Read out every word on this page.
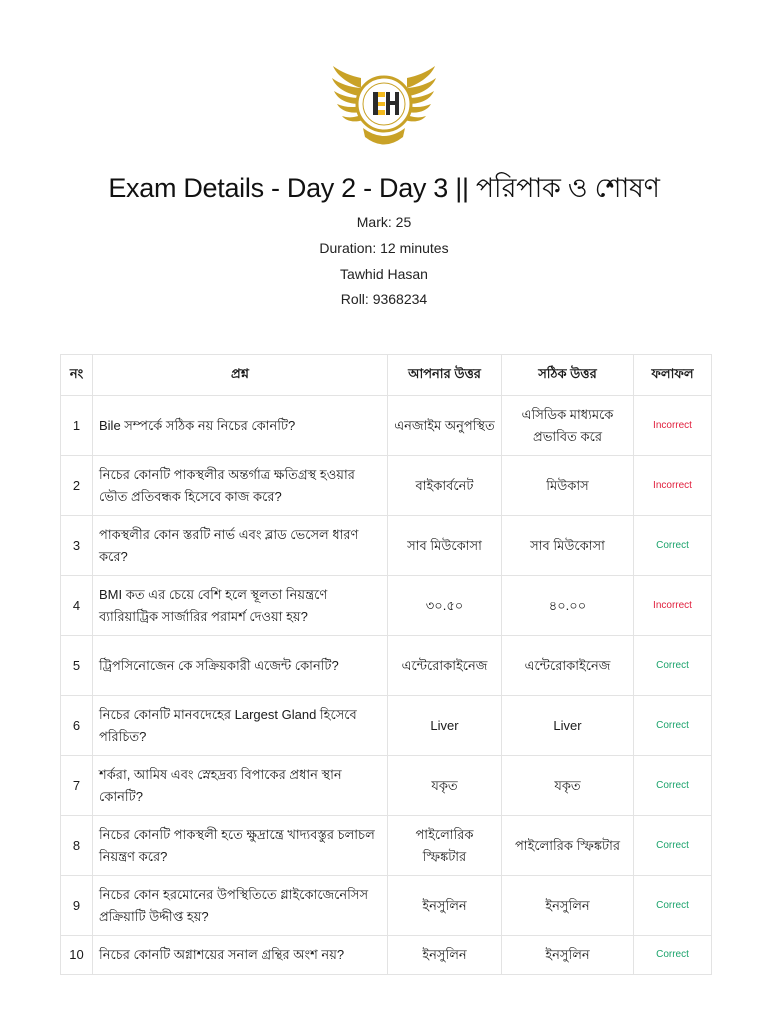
Exam Details - Day 2 - Day 3 || পরিপাক ও শোষণ
Mark: 25
Duration: 12 minutes
Tawhid Hasan
Roll: 9368234
নং	প্রশ্ন	আপনার উত্তর	সঠিক উত্তর	ফলাফল
1	Bile সম্পর্কে সঠিক নয় নিচের কোনটি?	এনজাইম অনুপস্থিত	এসিডিক মাধ্যমকে প্রভাবিত করে	Incorrect
2	নিচের কোনটি পাকস্থলীর অন্তর্গাত্র ক্ষতিগ্রস্থ হওয়ার ভৌত প্রতিবন্ধক হিসেবে কাজ করে?	বাইকার্বনেট	মিউকাস	Incorrect
3	পাকস্থলীর কোন স্তরটি নার্ভ এবং ব্লাড ভেসেল ধারণ করে?	সাব মিউকোসা	সাব মিউকোসা	Correct
4	BMI কত এর চেয়ে বেশি হলে স্থূলতা নিয়ন্ত্রণে ব্যারিয়াট্রিক সার্জারির পরামর্শ দেওয়া হয়?	৩০.৫০	৪০.০০	Incorrect
5	ট্রিপসিনোজেন কে সক্রিয়কারী এজেন্ট কোনটি?	এন্টেরোকাইনেজ	এন্টেরোকাইনেজ	Correct
6	নিচের কোনটি মানবদেহের Largest Gland হিসেবে পরিচিত?	Liver	Liver	Correct
7	শর্করা, আমিষ এবং স্নেহদ্রব্য বিপাকের প্রধান স্থান কোনটি?	যকৃত	যকৃত	Correct
8	নিচের কোনটি পাকস্থলী হতে ক্ষুদ্রান্ত্রে খাদ্যবস্তুর চলাচল নিয়ন্ত্রণ করে?	পাইলোরিক স্ফিঙ্কটার	পাইলোরিক স্ফিঙ্কটার	Correct
9	নিচের কোন হরমোনের উপস্থিতিতে গ্লাইকোজেনেসিস প্রক্রিয়াটি উদ্দীপ্ত হয়?	ইনসুলিন	ইনসুলিন	Correct
10	নিচের কোনটি অগ্নাশয়ের সনাল গ্রন্থির অংশ নয়?	ইনসুলিন	ইনসুলিন	Correct
